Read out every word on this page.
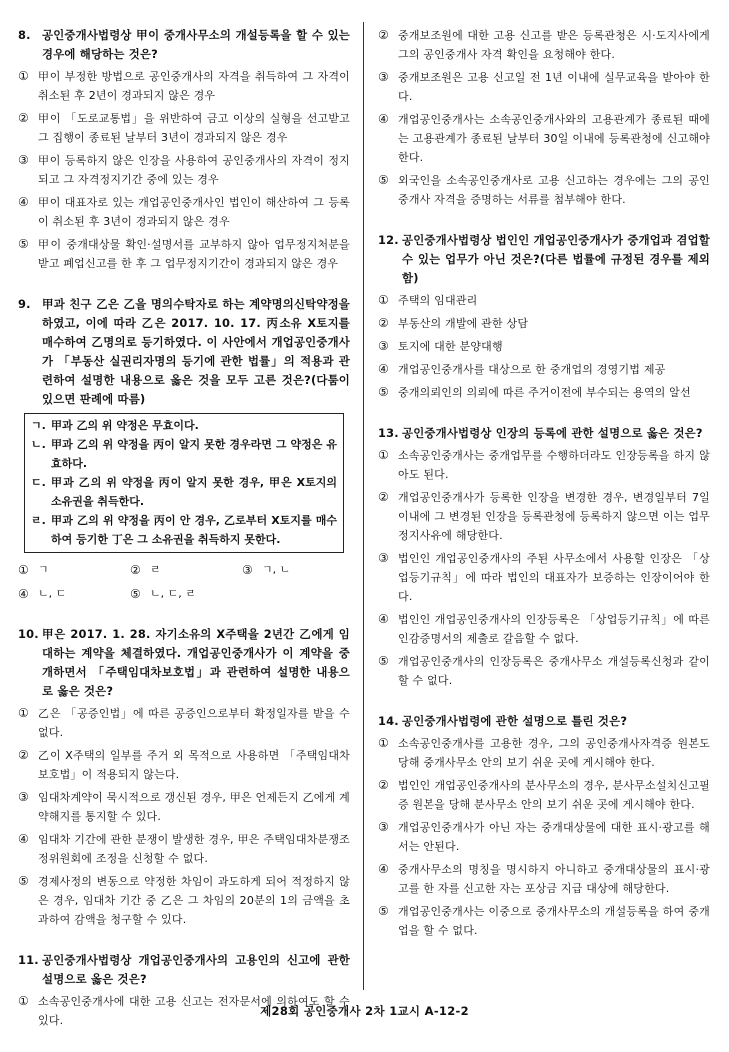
8. 공인중개사법령상 甲이 중개사무소의 개설등록을 할 수 있는 경우에 해당하는 것은?
① 甲이 부정한 방법으로 공인중개사의 자격을 취득하여 그 자격이 취소된 후 2년이 경과되지 않은 경우
② 甲이 「도로교통법」을 위반하여 금고 이상의 실형을 선고받고 그 집행이 종료된 날부터 3년이 경과되지 않은 경우
③ 甲이 등록하지 않은 인장을 사용하여 공인중개사의 자격이 정지되고 그 자격정지기간 중에 있는 경우
④ 甲이 대표자로 있는 개업공인중개사인 법인이 해산하여 그 등록이 취소된 후 3년이 경과되지 않은 경우
⑤ 甲이 중개대상물 확인·설명서를 교부하지 않아 업무정지처분을 받고 폐업신고를 한 후 그 업무정지기간이 경과되지 않은 경우
9. 甲과 친구 乙은 乙을 명의수탁자로 하는 계약명의신탁약정을 하였고, 이에 따라 乙은 2017. 10. 17. 丙소유 X토지를 매수하여 乙명의로 등기하였다. 이 사안에서 개업공인중개사가 「부동산 실권리자명의 등기에 관한 법률」의 적용과 관련하여 설명한 내용으로 옳은 것을 모두 고른 것은?(다툼이 있으면 판례에 따름)
ㄱ. 甲과 乙의 위 약정은 무효이다.
ㄴ. 甲과 乙의 위 약정을 丙이 알지 못한 경우라면 그 약정은 유효하다.
ㄷ. 甲과 乙의 위 약정을 丙이 알지 못한 경우, 甲은 X토지의 소유권을 취득한다.
ㄹ. 甲과 乙의 위 약정을 丙이 안 경우, 乙로부터 X토지를 매수하여 등기한 丁은 그 소유권을 취득하지 못한다.
① ㄱ	② ㄹ	③ ㄱ, ㄴ
④ ㄴ, ㄷ	⑤ ㄴ, ㄷ, ㄹ
10. 甲은 2017. 1. 28. 자기소유의 X주택을 2년간 乙에게 임대하는 계약을 체결하였다. 개업공인중개사가 이 계약을 중개하면서 「주택임대차보호법」과 관련하여 설명한 내용으로 옳은 것은?
① 乙은 「공증인법」에 따른 공증인으로부터 확정일자를 받을 수 없다.
② 乙이 X주택의 일부를 주거 외 목적으로 사용하면 「주택임대차보호법」이 적용되지 않는다.
③ 임대차계약이 묵시적으로 갱신된 경우, 甲은 언제든지 乙에게 계약해지를 통지할 수 있다.
④ 임대차 기간에 관한 분쟁이 발생한 경우, 甲은 주택임대차분쟁조정위원회에 조정을 신청할 수 없다.
⑤ 경제사정의 변동으로 약정한 차임이 과도하게 되어 적정하지 않은 경우, 임대차 기간 중 乙은 그 차임의 20분의 1의 금액을 초과하여 감액을 청구할 수 있다.
11. 공인중개사법령상 개업공인중개사의 고용인의 신고에 관한 설명으로 옳은 것은?
① 소속공인중개사에 대한 고용 신고는 전자문서에 의하여도 할 수 있다.
② 중개보조원에 대한 고용 신고를 받은 등록관청은 시·도지사에게 그의 공인중개사 자격 확인을 요청해야 한다.
③ 중개보조원은 고용 신고일 전 1년 이내에 실무교육을 받아야 한다.
④ 개업공인중개사는 소속공인중개사와의 고용관계가 종료된 때에는 고용관계가 종료된 날부터 30일 이내에 등록관청에 신고해야 한다.
⑤ 외국인을 소속공인중개사로 고용 신고하는 경우에는 그의 공인중개사 자격을 증명하는 서류를 첨부해야 한다.
12. 공인중개사법령상 법인인 개업공인중개사가 중개업과 겸업할 수 있는 업무가 아닌 것은?(다른 법률에 규정된 경우를 제외함)
① 주택의 임대관리
② 부동산의 개발에 관한 상담
③ 토지에 대한 분양대행
④ 개업공인중개사를 대상으로 한 중개업의 경영기법 제공
⑤ 중개의뢰인의 의뢰에 따른 주거이전에 부수되는 용역의 알선
13. 공인중개사법령상 인장의 등록에 관한 설명으로 옳은 것은?
① 소속공인중개사는 중개업무를 수행하더라도 인장등록을 하지 않아도 된다.
② 개업공인중개사가 등록한 인장을 변경한 경우, 변경일부터 7일 이내에 그 변경된 인장을 등록관청에 등록하지 않으면 이는 업무정지사유에 해당한다.
③ 법인인 개업공인중개사의 주된 사무소에서 사용할 인장은 「상업등기규칙」에 따라 법인의 대표자가 보증하는 인장이어야 한다.
④ 법인인 개업공인중개사의 인장등록은 「상업등기규칙」에 따른 인감증명서의 제출로 갈음할 수 없다.
⑤ 개업공인중개사의 인장등록은 중개사무소 개설등록신청과 같이 할 수 없다.
14. 공인중개사법령에 관한 설명으로 틀린 것은?
① 소속공인중개사를 고용한 경우, 그의 공인중개사자격증 원본도 당해 중개사무소 안의 보기 쉬운 곳에 게시해야 한다.
② 법인인 개업공인중개사의 분사무소의 경우, 분사무소설치신고필증 원본을 당해 분사무소 안의 보기 쉬운 곳에 게시해야 한다.
③ 개업공인중개사가 아닌 자는 중개대상물에 대한 표시·광고를 해서는 안된다.
④ 중개사무소의 명칭을 명시하지 아니하고 중개대상물의 표시·광고를 한 자를 신고한 자는 포상금 지급 대상에 해당한다.
⑤ 개업공인중개사는 이중으로 중개사무소의 개설등록을 하여 중개업을 할 수 없다.
제28회 공인중개사 2차 1교시 A-12-2
